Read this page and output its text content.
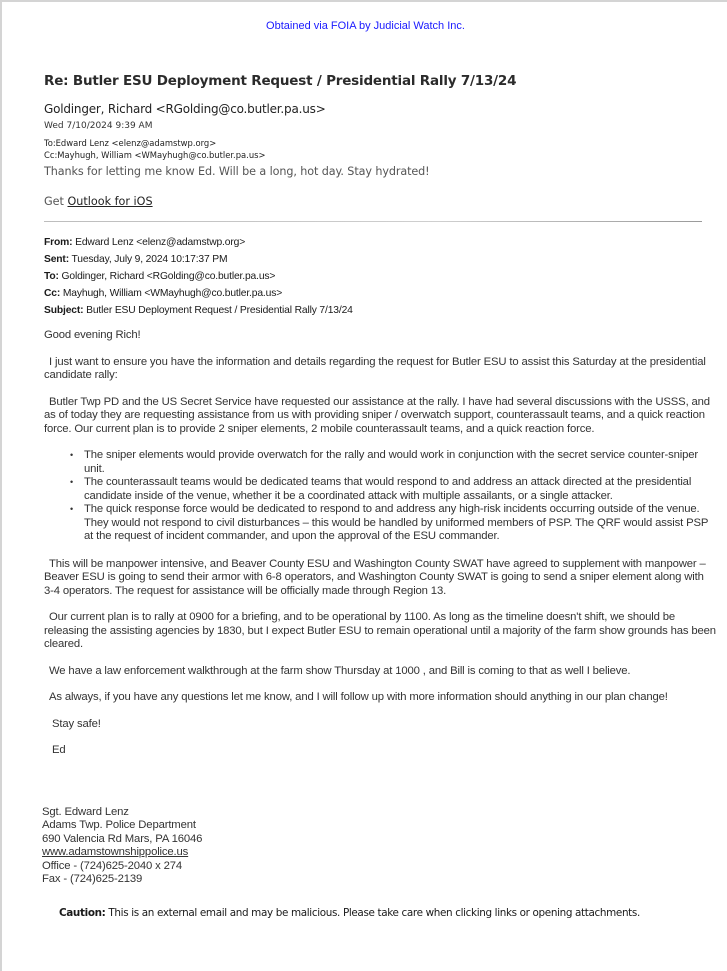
Obtained via FOIA by Judicial Watch Inc.
Re: Butler ESU Deployment Request / Presidential Rally 7/13/24
Goldinger, Richard <RGolding@co.butler.pa.us>
Wed 7/10/2024 9:39 AM
To:Edward Lenz <elenz@adamstwp.org>
Cc:Mayhugh, William <WMayhugh@co.butler.pa.us>
Thanks for letting me know Ed. Will be a long, hot day. Stay hydrated!
Get Outlook for iOS
From: Edward Lenz <elenz@adamstwp.org>
Sent: Tuesday, July 9, 2024 10:17:37 PM
To: Goldinger, Richard <RGolding@co.butler.pa.us>
Cc: Mayhugh, William <WMayhugh@co.butler.pa.us>
Subject: Butler ESU Deployment Request / Presidential Rally 7/13/24

Good evening Rich!

I just want to ensure you have the information and details regarding the request for Butler ESU to assist this Saturday at the presidential candidate rally:

Butler Twp PD and the US Secret Service have requested our assistance at the rally. I have had several discussions with the USSS, and as of today they are requesting assistance from us with providing sniper / overwatch support, counterassault teams, and a quick reaction force. Our current plan is to provide 2 sniper elements, 2 mobile counterassault teams, and a quick reaction force.

• The sniper elements would provide overwatch for the rally and would work in conjunction with the secret service counter-sniper unit.
• The counterassault teams would be dedicated teams that would respond to and address an attack directed at the presidential candidate inside of the venue, whether it be a coordinated attack with multiple assailants, or a single attacker.
• The quick response force would be dedicated to respond to and address any high-risk incidents occurring outside of the venue. They would not respond to civil disturbances – this would be handled by uniformed members of PSP. The QRF would assist PSP at the request of incident commander, and upon the approval of the ESU commander.

This will be manpower intensive, and Beaver County ESU and Washington County SWAT have agreed to supplement with manpower – Beaver ESU is going to send their armor with 6-8 operators, and Washington County SWAT is going to send a sniper element along with 3-4 operators. The request for assistance will be officially made through Region 13.

Our current plan is to rally at 0900 for a briefing, and to be operational by 1100. As long as the timeline doesn't shift, we should be releasing the assisting agencies by 1830, but I expect Butler ESU to remain operational until a majority of the farm show grounds has been cleared.

We have a law enforcement walkthrough at the farm show Thursday at 1000 , and Bill is coming to that as well I believe.

As always, if you have any questions let me know, and I will follow up with more information should anything in our plan change!

Stay safe!

Ed

Sgt. Edward Lenz
Adams Twp. Police Department
690 Valencia Rd Mars, PA 16046
www.adamstownshippolice.us
Office - (724)625-2040 x 274
Fax - (724)625-2139
Caution: This is an external email and may be malicious. Please take care when clicking links or opening attachments.
